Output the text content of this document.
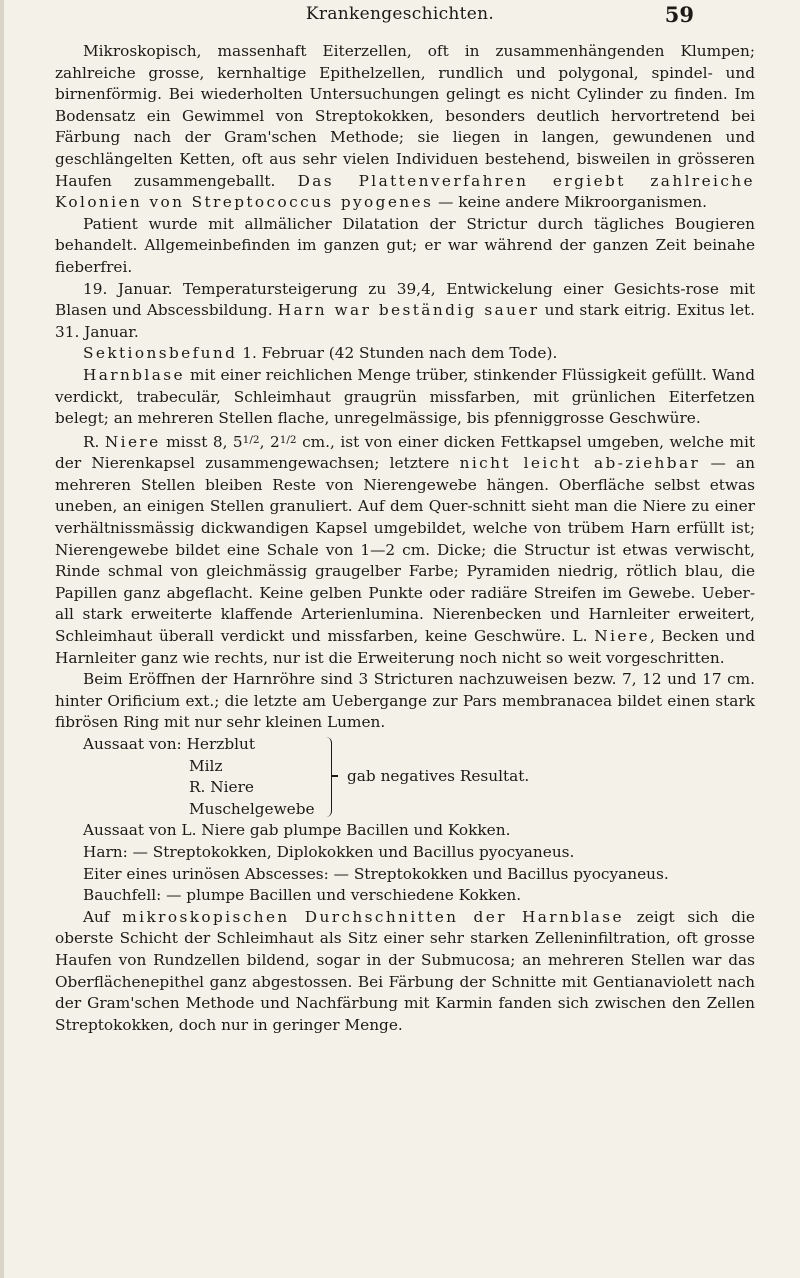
Krankengeschichten.	59

Mikroskopisch, massenhaft Eiterzellen, oft in zusammenhängenden Klumpen; zahlreiche grosse, kernhaltige Epithelzellen, rundlich und polygonal, spindel- und birnenförmig. Bei wiederholten Untersuchungen gelingt es nicht Cylinder zu finden. Im Bodensatz ein Gewimmel von Streptokokken, besonders deutlich hervortretend bei Färbung nach der Gram'schen Methode; sie liegen in langen, gewundenen und geschlängelten Ketten, oft aus sehr vielen Individuen bestehend, bisweilen in grösseren Haufen zusammengeballt. Das Plattenverfahren ergiebt zahlreiche Kolonien von Streptococcus pyogenes — keine andere Mikroorganismen.

Patient wurde mit allmälicher Dilatation der Strictur durch tägliches Bougieren behandelt. Allgemeinbefinden im ganzen gut; er war während der ganzen Zeit beinahe fieberfrei.

19. Januar. Temperatursteigerung zu 39,4, Entwickelung einer Gesichts-rose mit Blasen und Abscessbildung. Harn war beständig sauer und stark eitrig. Exitus let. 31. Januar.

Sektionsbefund 1. Februar (42 Stunden nach dem Tode).

Harnblase mit einer reichlichen Menge trüber, stinkender Flüssigkeit gefüllt. Wand verdickt, trabeculär, Schleimhaut graugrün missfarben, mit grünlichen Eiterfetzen belegt; an mehreren Stellen flache, unregelmässige, bis pfenniggrosse Geschwüre.

R. Niere misst 8, $5^{1/2}$, $2^{1/2}$ cm., ist von einer dicken Fettkapsel umgeben, welche mit der Nierenkapsel zusammengewachsen; letztere nicht leicht ab-ziehbar — an mehreren Stellen bleiben Reste von Nierengewebe hängen. Oberfläche selbst etwas uneben, an einigen Stellen granuliert. Auf dem Quer-schnitt sieht man die Niere zu einer verhältnissmässig dickwandigen Kapsel umgebildet, welche von trübem Harn erfüllt ist; Nierengewebe bildet eine Schale von 1—2 cm. Dicke; die Structur ist etwas verwischt, Rinde schmal von gleichmässig graugelber Farbe; Pyramiden niedrig, rötlich blau, die Papillen ganz abgeflacht. Keine gelben Punkte oder radiäre Streifen im Gewebe. Ueber-all stark erweiterte klaffende Arterienlumina. Nierenbecken und Harnleiter erweitert, Schleimhaut überall verdickt und missfarben, keine Geschwüre. L. Niere, Becken und Harnleiter ganz wie rechts, nur ist die Erweiterung noch nicht so weit vorgeschritten.

Beim Eröffnen der Harnröhre sind 3 Stricturen nachzuweisen bezw. 7, 12 und 17 cm. hinter Orificium ext.; die letzte am Uebergange zur Pars membranacea bildet einen stark fibrösen Ring mit nur sehr kleinen Lumen.

Aussaat von: Herzblut
Milz
R. Niere
Muschelgewebe
gab negatives Resultat.

Aussaat von L. Niere gab plumpe Bacillen und Kokken.

Harn: — Streptokokken, Diplokokken und Bacillus pyocyaneus.

Eiter eines urinösen Abscesses: — Streptokokken und Bacillus pyocyaneus.

Bauchfell: — plumpe Bacillen und verschiedene Kokken.

Auf mikroskopischen Durchschnitten der Harnblase zeigt sich die oberste Schicht der Schleimhaut als Sitz einer sehr starken Zelleninfiltration, oft grosse Haufen von Rundzellen bildend, sogar in der Submucosa; an mehreren Stellen war das Oberflächenepithel ganz abgestossen. Bei Färbung der Schnitte mit Gentianaviolett nach der Gram'schen Methode und Nachfärbung mit Karmin fanden sich zwischen den Zellen Streptokokken, doch nur in geringer Menge.
